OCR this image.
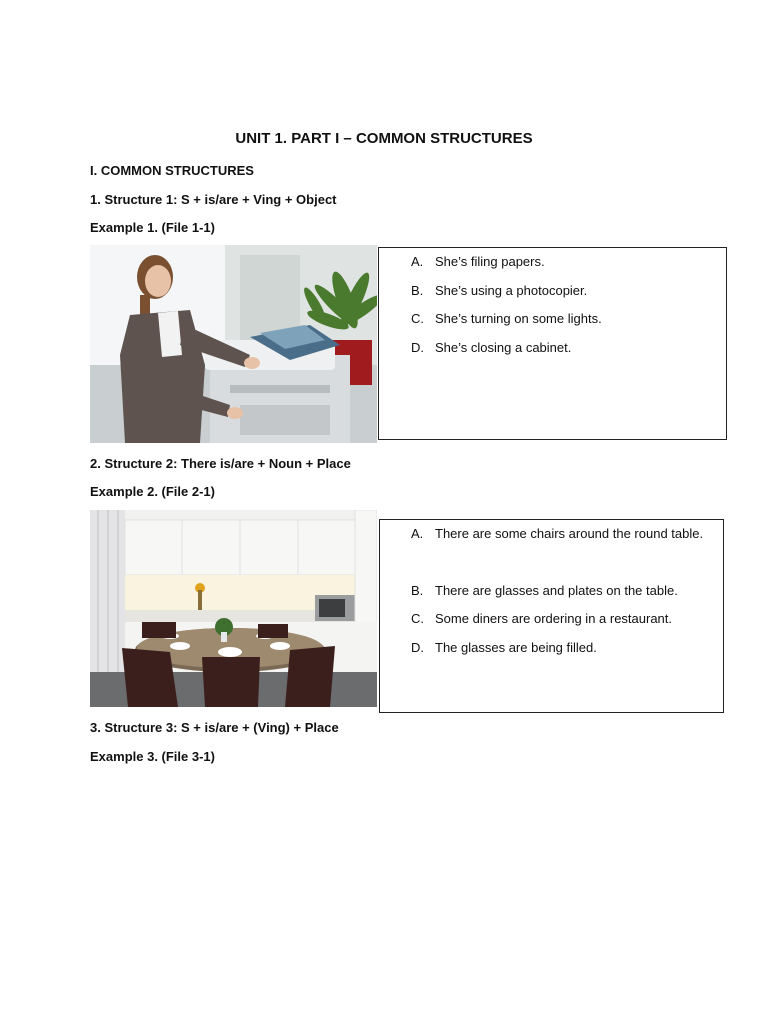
UNIT 1. PART I – COMMON STRUCTURES
I. COMMON STRUCTURES
1. Structure 1: S + is/are + Ving + Object
Example 1. (File 1-1)
A. She’s filing papers.
B. She’s using a photocopier.
C. She’s turning on some lights.
D. She’s closing a cabinet.
2. Structure 2: There is/are + Noun + Place
Example 2. (File 2-1)
A. There are some chairs around the round table.
B. There are glasses and plates on the table.
C. Some diners are ordering in a restaurant.
D. The glasses are being filled.
3. Structure 3: S + is/are + (Ving) + Place
Example 3. (File 3-1)
